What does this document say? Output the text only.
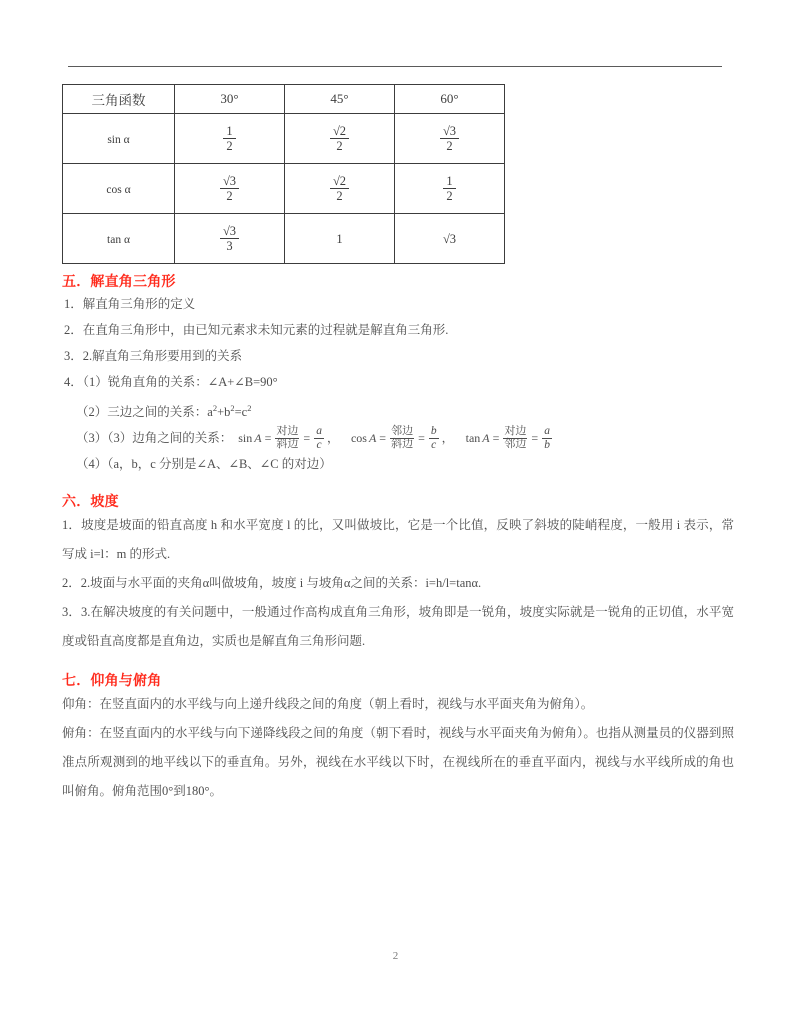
三角函数	30°	45°	60°
sin α	$\frac{1}{2}$	$\frac{√2}{2}$	$\frac{√3}{2}$

cos α	$\frac{√3}{2}$	$\frac{√2}{2}$	$\frac{1}{2}$

tan α	$\frac{√3}{3}$	1	√3
五．解直角三角形
1．解直角三角形的定义
2．在直角三角形中，由已知元素求未知元素的过程就是解直角三角形.
3．2.解直角三角形要用到的关系
4．（1）锐角直角的关系：∠A+∠B=90°
（2）三边之间的关系：$a^2+b^2=c^2$
（3）（3）边角之间的关系： $\sin A = \frac{\text{对边}}{\text{斜边}} = \frac{a}{c}$ ，	$\cos A = \frac{\text{邻边}}{\text{斜边}} = \frac{b}{c}$ ，	$\tan A = \frac{\text{对边}}{\text{邻边}} = \frac{a}{b}$
（4）（a，b，c 分别是∠A、∠B、∠C 的对边）
六．坡度
1．坡度是坡面的铅直高度 h 和水平宽度 l 的比，又叫做坡比，它是一个比值，反映了斜坡的陡峭程度，一般用 i 表示，常写成 i=l：m 的形式.
2．2.坡面与水平面的夹角α叫做坡角，坡度 i 与坡角α之间的关系：i=h/l=tanα.
3．3.在解决坡度的有关问题中，一般通过作高构成直角三角形，坡角即是一锐角，坡度实际就是一锐角的正切值，水平宽度或铅直高度都是直角边，实质也是解直角三角形问题.
七．仰角与俯角
仰角：在竖直面内的水平线与向上递升线段之间的角度（朝上看时，视线与水平面夹角为俯角）。
俯角：在竖直面内的水平线与向下递降线段之间的角度（朝下看时，视线与水平面夹角为俯角）。也指从测量员的仪器到照准点所观测到的地平线以下的垂直角。另外，视线在水平线以下时，在视线所在的垂直平面内，视线与水平线所成的角也叫俯角。俯角范围0°到180°。
2
